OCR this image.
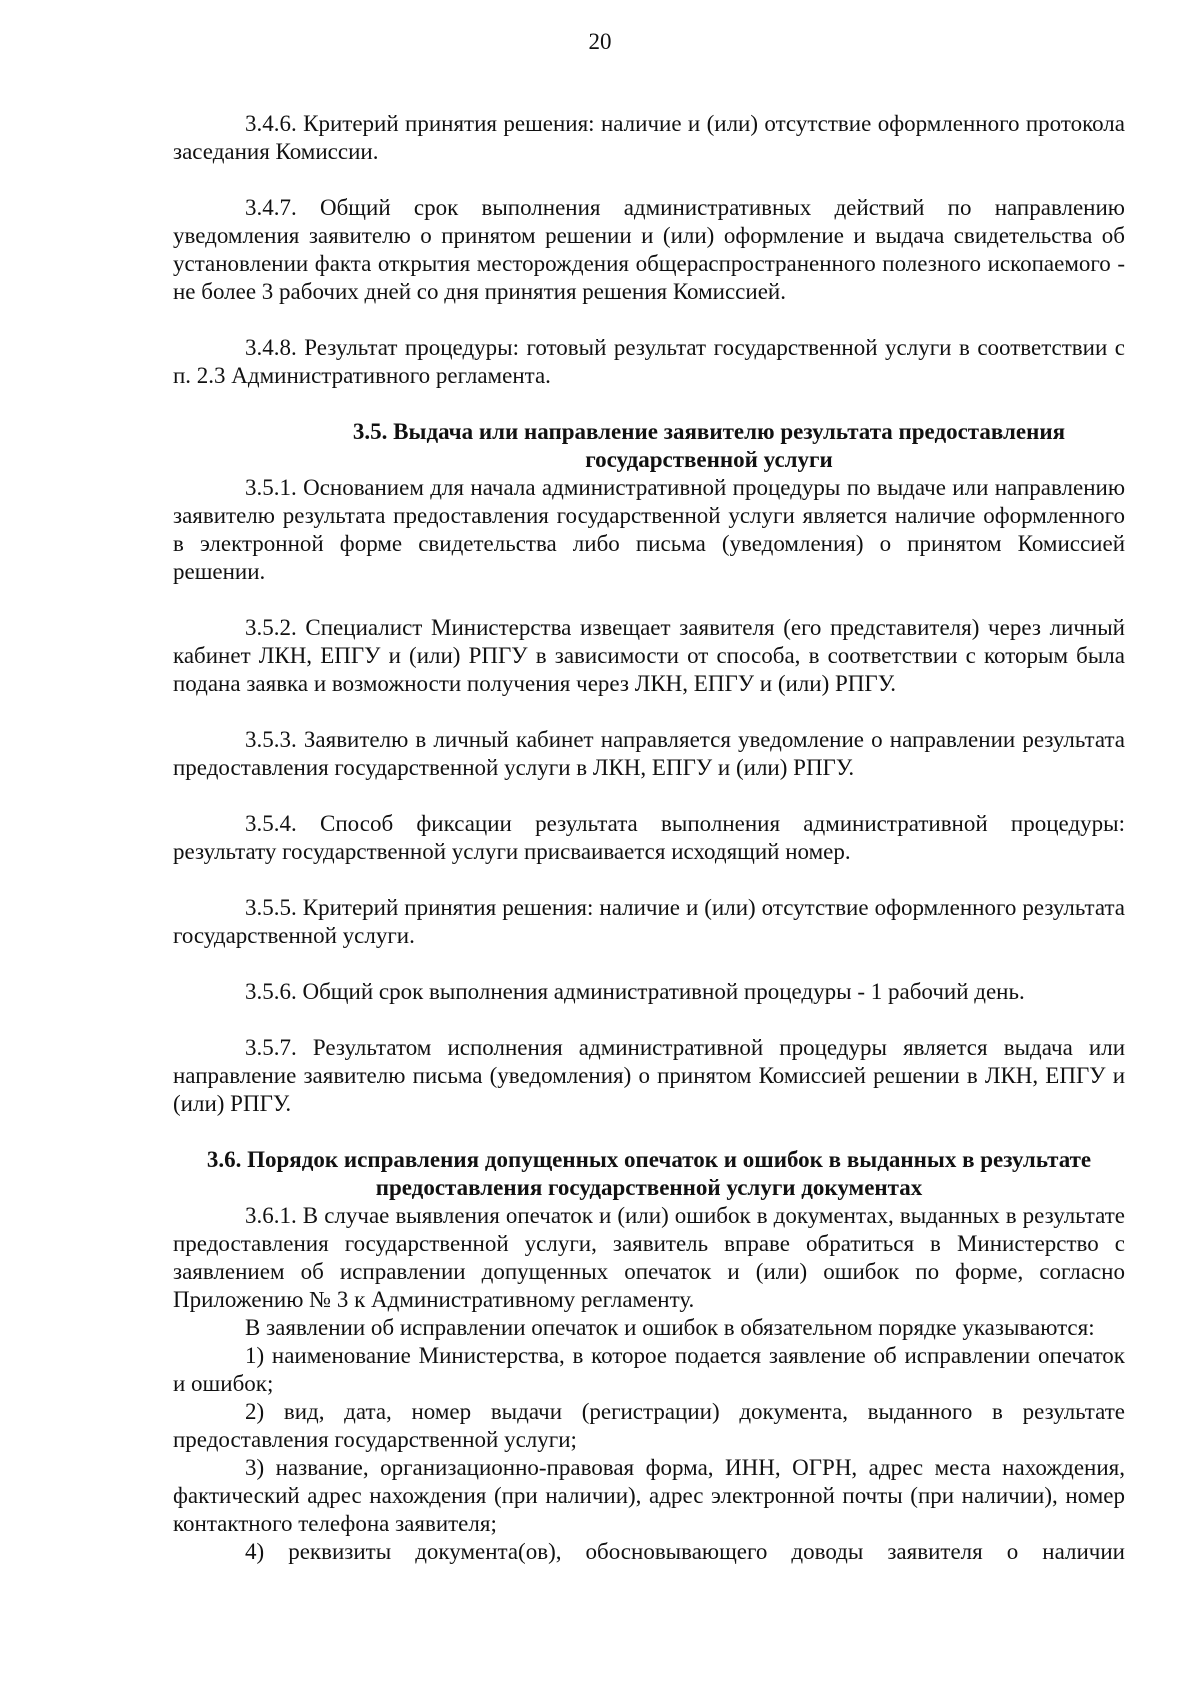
20

3.4.6. Критерий принятия решения: наличие и (или) отсутствие оформленного протокола заседания Комиссии.

3.4.7. Общий срок выполнения административных действий по направлению уведомления заявителю о принятом решении и (или) оформление и выдача свидетельства об установлении факта открытия месторождения общераспространенного полезного ископаемого - не более 3 рабочих дней со дня принятия решения Комиссией.

3.4.8. Результат процедуры: готовый результат государственной услуги в соответствии с п. 2.3 Административного регламента.

3.5. Выдача или направление заявителю результата предоставления
государственной услуги

3.5.1. Основанием для начала административной процедуры по выдаче или направлению заявителю результата предоставления государственной услуги является наличие оформленного в электронной форме свидетельства либо письма (уведомления) о принятом Комиссией решении.

3.5.2. Специалист Министерства извещает заявителя (его представителя) через личный кабинет ЛКН, ЕПГУ и (или) РПГУ в зависимости от способа, в соответствии с которым была подана заявка и возможности получения через ЛКН, ЕПГУ и (или) РПГУ.

3.5.3. Заявителю в личный кабинет направляется уведомление о направлении результата предоставления государственной услуги в ЛКН, ЕПГУ и (или) РПГУ.

3.5.4. Способ фиксации результата выполнения административной процедуры: результату государственной услуги присваивается исходящий номер.

3.5.5. Критерий принятия решения: наличие и (или) отсутствие оформленного результата государственной услуги.

3.5.6. Общий срок выполнения административной процедуры - 1 рабочий день.

3.5.7. Результатом исполнения административной процедуры является выдача или направление заявителю письма (уведомления) о принятом Комиссией решении в ЛКН, ЕПГУ и (или) РПГУ.

3.6. Порядок исправления допущенных опечаток и ошибок в выданных в результате
предоставления государственной услуги документах

3.6.1. В случае выявления опечаток и (или) ошибок в документах, выданных в результате предоставления государственной услуги, заявитель вправе обратиться в Министерство с заявлением об исправлении допущенных опечаток и (или) ошибок по форме, согласно Приложению № 3 к Административному регламенту.

В заявлении об исправлении опечаток и ошибок в обязательном порядке указываются:

1) наименование Министерства, в которое подается заявление об исправлении опечаток и ошибок;

2) вид, дата, номер выдачи (регистрации) документа, выданного в результате предоставления государственной услуги;

3) название, организационно-правовая форма, ИНН, ОГРН, адрес места нахождения, фактический адрес нахождения (при наличии), адрес электронной почты (при наличии), номер контактного телефона заявителя;

4) реквизиты документа(ов), обосновывающего доводы заявителя о наличии
